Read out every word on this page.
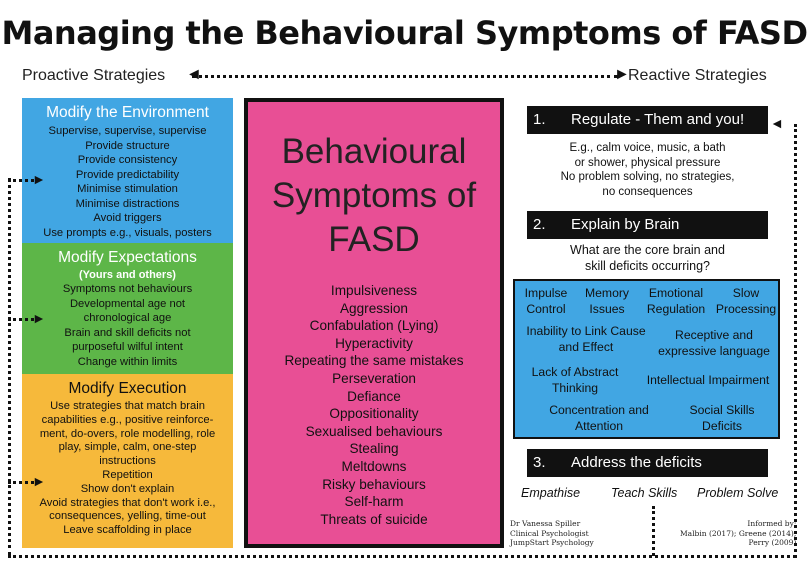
Managing the Behavioural Symptoms of FASD
Proactive Strategies ◄	►
Reactive Strategies
Modify the Environment
Supervise, supervise, supervise
Provide structure
Provide consistency
Provide predictability
Minimise stimulation
Minimise distractions
Avoid triggers
Use prompts e.g., visuals, posters
Modify Expectations
(Yours and others)
Symptoms not behaviours
Developmental age not
chronological age
Brain and skill deficits not
purposeful wilful intent
Change within limits
Modify Execution
Use strategies that match brain
capabilities e.g., positive reinforce-
ment, do-overs, role modelling, role
play, simple, calm, one-step
instructions
Repetition
Show don't explain
Avoid strategies that don't work i.e.,
consequences, yelling, time-out
Leave scaffolding in place
Behavioural
Symptoms of
FASD
Impulsiveness
Aggression
Confabulation (Lying)
Hyperactivity
Repeating the same mistakes
Perseveration
Defiance
Oppositionality
Sexualised behaviours
Stealing
Meltdowns
Risky behaviours
Self-harm
Threats of suicide
1. Regulate - Them and you!
E.g., calm voice, music, a bath
or shower, physical pressure
No problem solving, no strategies,
no consequences
2. Explain by Brain
What are the core brain and
skill deficits occurring?
Impulse
Control
Memory
Issues
Emotional
Regulation
Slow
Processing
Inability to Link Cause
and Effect
Receptive and
expressive language
Lack of Abstract
Thinking
Intellectual Impairment
Concentration and
Attention
Social Skills
Deficits
3. Address the deficits
Empathise Teach Skills Problem Solve
Dr Vanessa Spiller
Clinical Psychologist
JumpStart Psychology
Informed by:
Malbin (2017); Greene (2014);
Perry (2009)
►
►
►
◄
